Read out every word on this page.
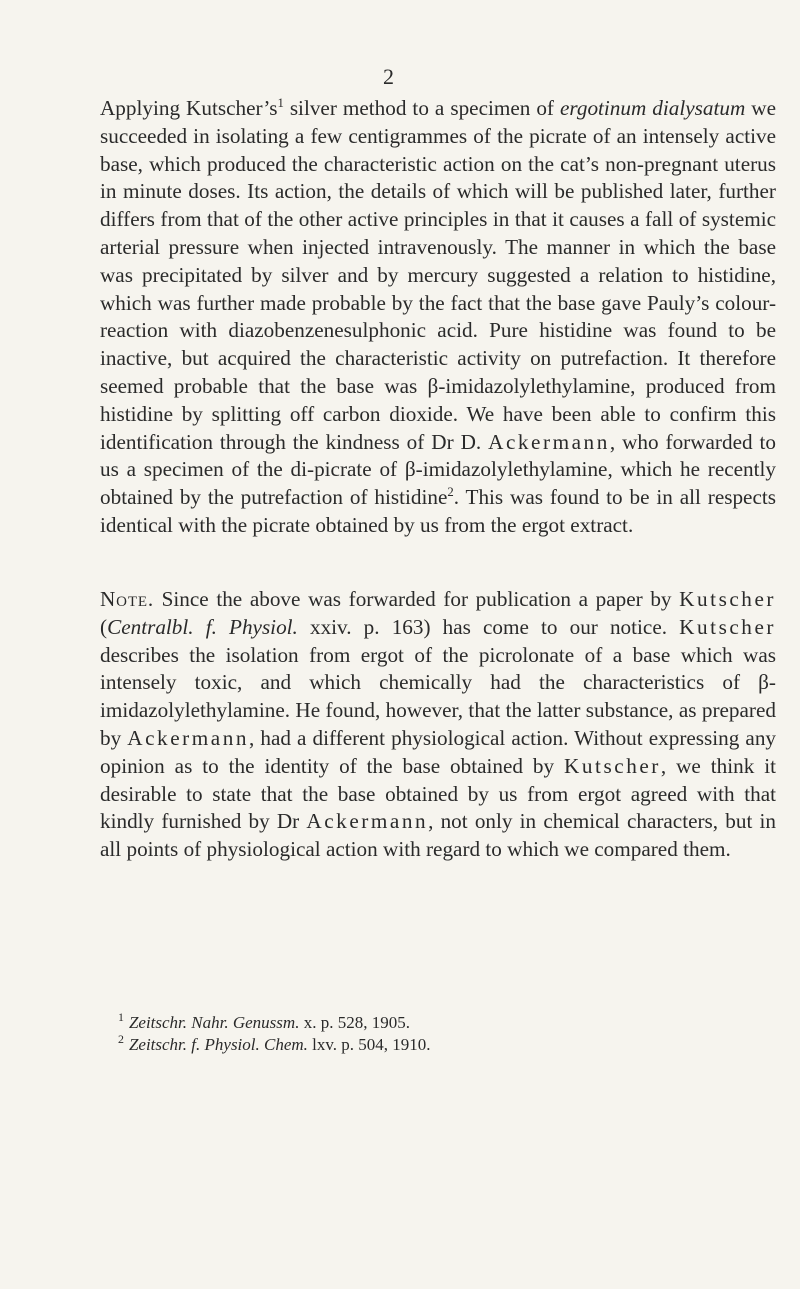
2
Applying $Kutscher’s^1$ silver method to a specimen of ergotinum dialysatum we succeeded in isolating a few centigrammes of the picrate of an intensely active base, which produced the characteristic action on the cat’s non-pregnant uterus in minute doses. Its action, the details of which will be published later, further differs from that of the other active principles in that it causes a fall of systemic arterial pressure when injected intravenously. The manner in which the base was precipitated by silver and by mercury suggested a relation to histidine, which was further made probable by the fact that the base gave Pauly’s colour-reaction with diazobenzenesulphonic acid. Pure histidine was found to be inactive, but acquired the characteristic activity on putrefaction. It therefore seemed probable that the base was β-imidazolylethylamine, produced from histidine by splitting off carbon dioxide. We have been able to confirm this identification through the kindness of Dr D. Ackermann, who forwarded to us a specimen of the di-picrate of β-imidazolylethylamine, which he recently obtained by the putrefaction of histidine$^2$. This was found to be in all respects identical with the picrate obtained by us from the ergot extract.
Note. Since the above was forwarded for publication a paper by Kutscher (Centralbl. f. Physiol. xxiv. p. 163) has come to our notice. Kutscher describes the isolation from ergot of the picrolonate of a base which was intensely toxic, and which chemically had the characteristics of β-imidazolylethylamine. He found, however, that the latter substance, as prepared by Ackermann, had a different physiological action. Without expressing any opinion as to the identity of the base obtained by Kutscher, we think it desirable to state that the base obtained by us from ergot agreed with that kindly furnished by Dr Ackermann, not only in chemical characters, but in all points of physiological action with regard to which we compared them.
$^1$ Zeitschr. Nahr. Genussm. x. p. 528, 1905.
$^2$ Zeitschr. f. Physiol. Chem. lxv. p. 504, 1910.
